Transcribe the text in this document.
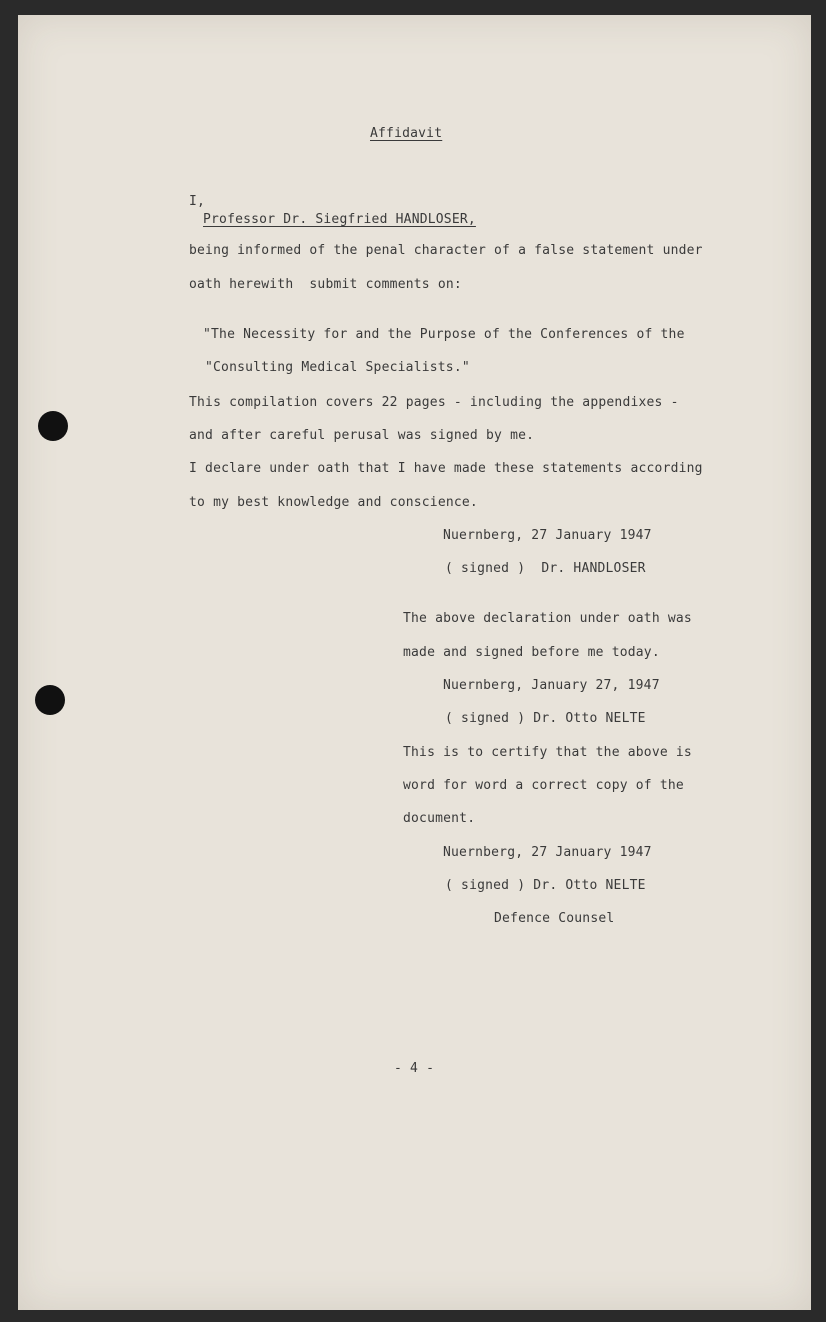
Affidavit
I,
Professor Dr. Siegfried HANDLOSER,
being informed of the penal character of a false statement under
oath herewith  submit comments on:
"The Necessity for and the Purpose of the Conferences of the
"Consulting Medical Specialists."
This compilation covers 22 pages - including the appendixes -
and after careful perusal was signed by me.
I declare under oath that I have made these statements according
to my best knowledge and conscience.
Nuernberg, 27 January 1947
( signed )  Dr. HANDLOSER
The above declaration under oath was
made and signed before me today.
Nuernberg, January 27, 1947
( signed ) Dr. Otto NELTE
This is to certify that the above is
word for word a correct copy of the
document.
Nuernberg, 27 January 1947
( signed ) Dr. Otto NELTE
Defence Counsel
- 4 -
